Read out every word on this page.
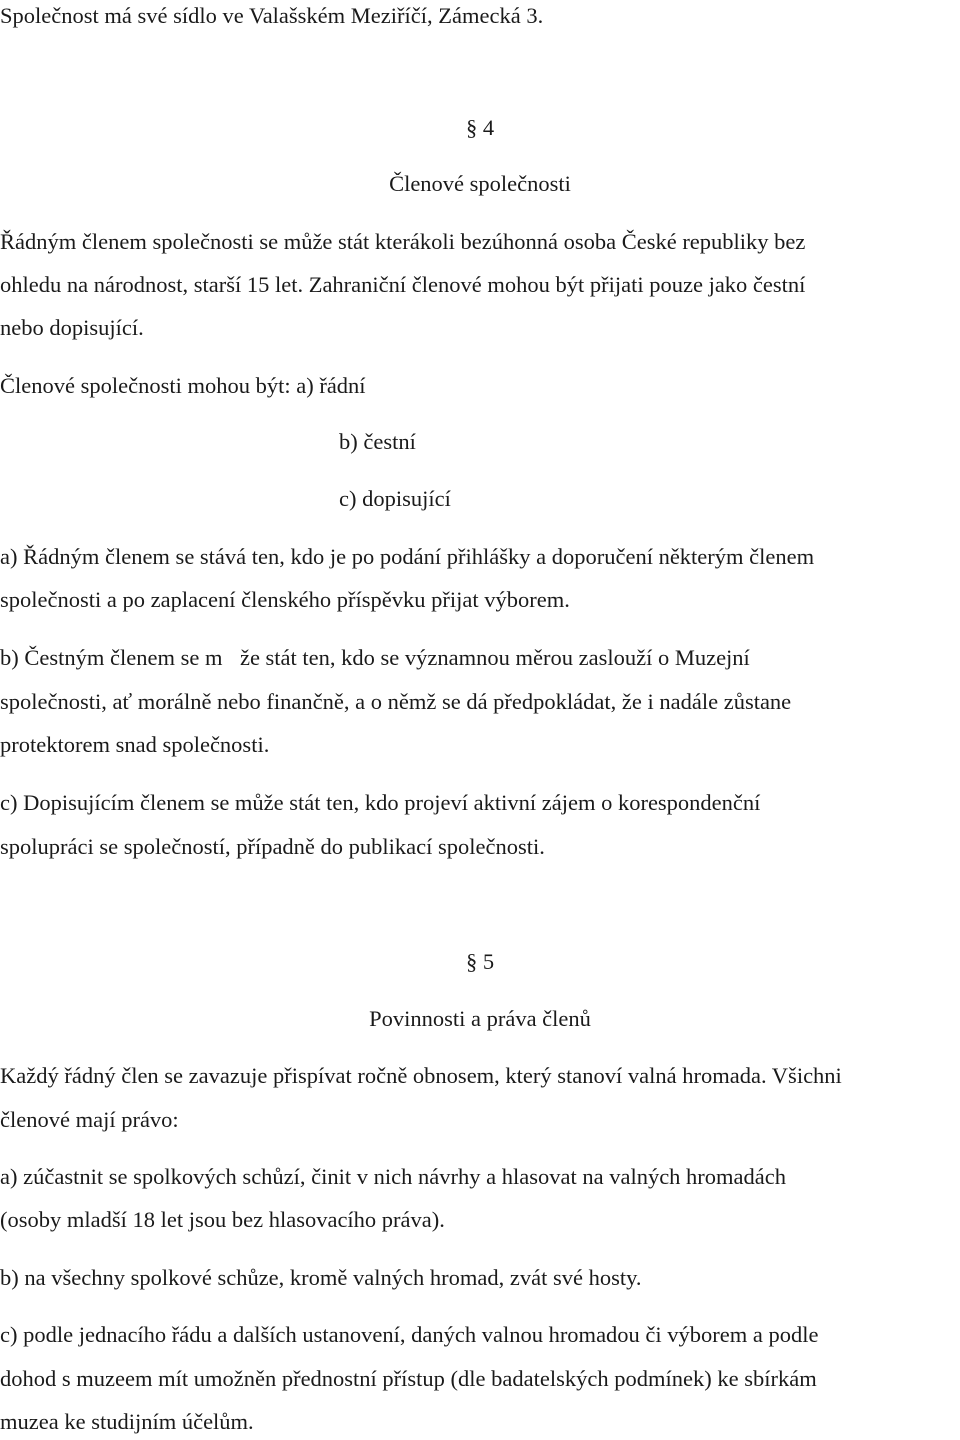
Společnost má své sídlo ve Valašském Meziříčí, Zámecká 3.

§ 4

Členové společnosti

Řádným členem společnosti se může stát kterákoli bezúhonná osoba České republiky bez

ohledu na národnost, starší 15 let. Zahraniční členové mohou být přijati pouze jako čestní

nebo dopisující.

Členové společnosti mohou být: a) řádní

b) čestní

c) dopisující

a) Řádným členem se stává ten, kdo je po podání přihlášky a doporučení některým členem

společnosti a po zaplacení členského příspěvku přijat výborem.

b) Čestným členem se m že stát ten, kdo se významnou měrou zaslouží o Muzejní

společnosti, ať morálně nebo finančně, a o němž se dá předpokládat, že i nadále zůstane

protektorem snad společnosti.

c) Dopisujícím členem se může stát ten, kdo projeví aktivní zájem o korespondenční

spolupráci se společností, případně do publikací společnosti.

§ 5

Povinnosti a práva členů

Každý řádný člen se zavazuje přispívat ročně obnosem, který stanoví valná hromada. Všichni

členové mají právo:

a) zúčastnit se spolkových schůzí, činit v nich návrhy a hlasovat na valných hromadách

(osoby mladší 18 let jsou bez hlasovacího práva).

b) na všechny spolkové schůze, kromě valných hromad, zvát své hosty.

c) podle jednacího řádu a dalších ustanovení, daných valnou hromadou či výborem a podle

dohod s muzeem mít umožněn přednostní přístup (dle badatelských podmínek) ke sbírkám

muzea ke studijním účelům.
